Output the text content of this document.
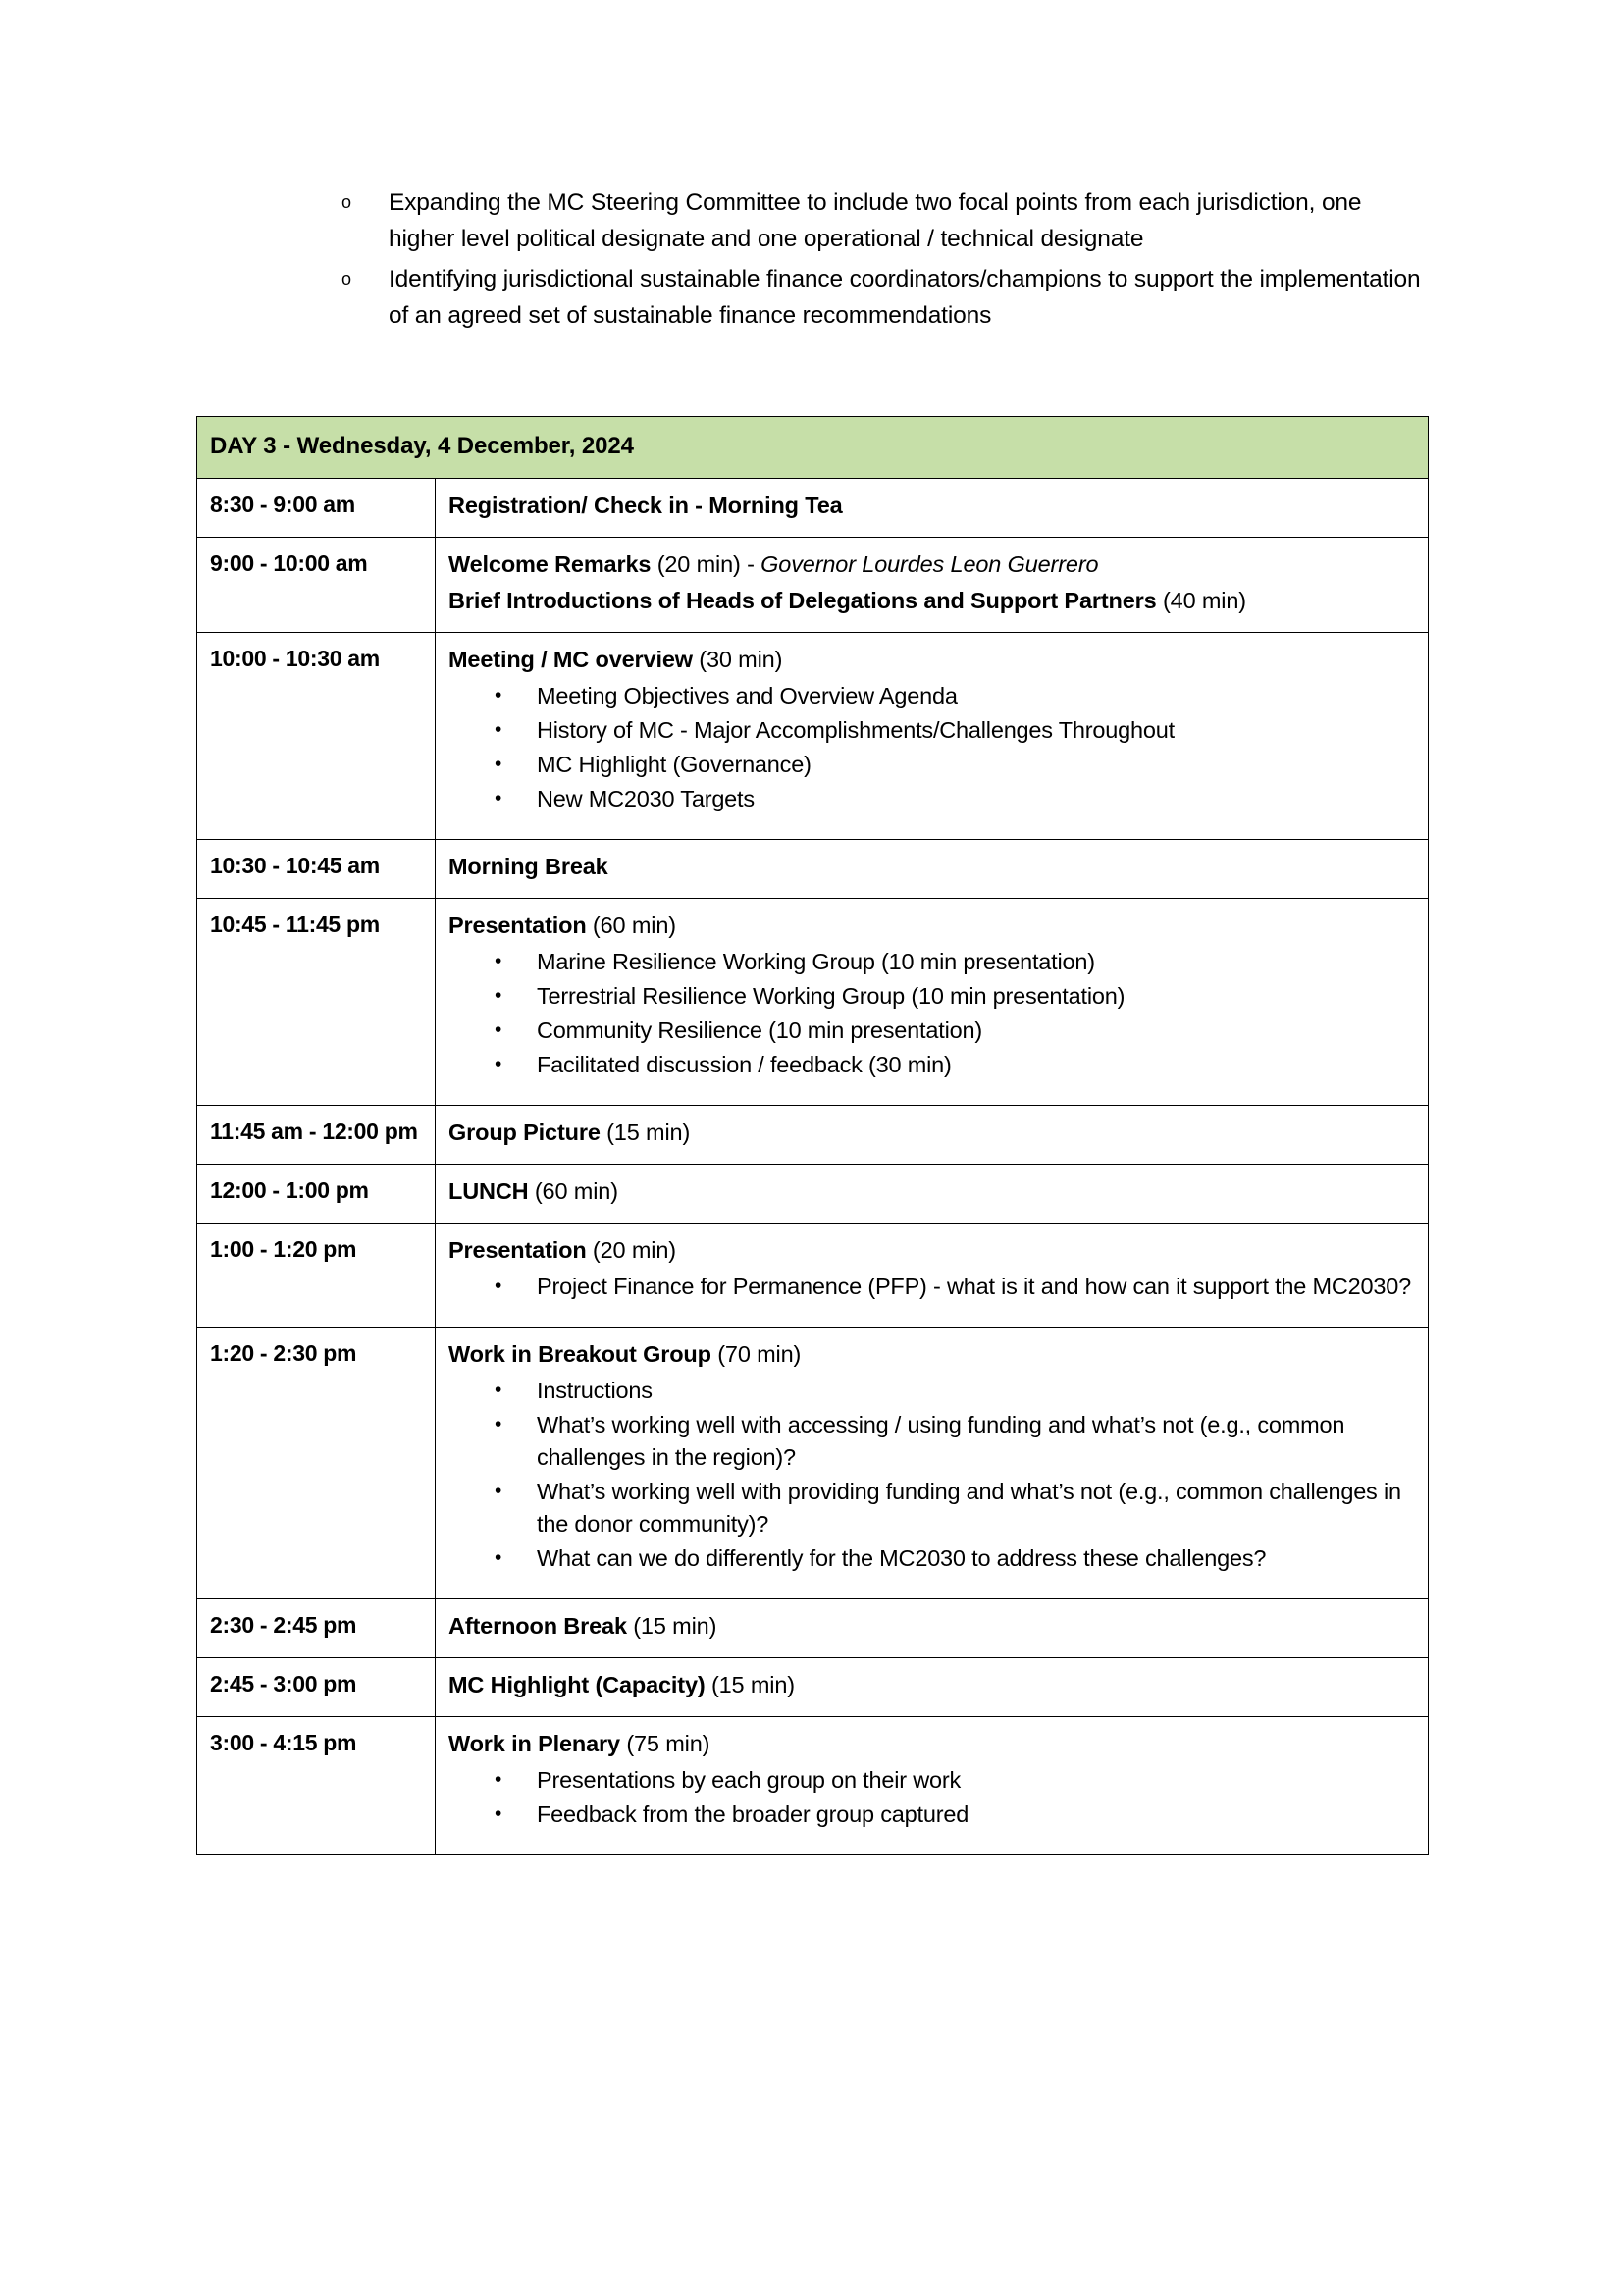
o	Expanding the MC Steering Committee to include two focal points from each jurisdiction, one higher level political designate and one operational / technical designate
o	Identifying jurisdictional sustainable finance coordinators/champions to support the implementation of an agreed set of sustainable finance recommendations
DAY 3 - Wednesday, 4 December, 2024	

8:30 - 9:00 am	Registration/ Check in - Morning Tea

9:00 - 10:00 am	Welcome Remarks (20 min) - Governor Lourdes Leon Guerrero
Brief Introductions of Heads of Delegations and Support Partners (40 min)

10:00 - 10:30 am	Meeting / MC overview (30 min)
• Meeting Objectives and Overview Agenda
• History of MC - Major Accomplishments/Challenges Throughout
• MC Highlight (Governance)
• New MC2030 Targets

10:30 - 10:45 am	Morning Break

10:45 - 11:45 pm	Presentation (60 min)
• Marine Resilience Working Group (10 min presentation)
• Terrestrial Resilience Working Group (10 min presentation)
• Community Resilience (10 min presentation)
• Facilitated discussion / feedback (30 min)

11:45 am - 12:00 pm	Group Picture (15 min)

12:00 - 1:00 pm	LUNCH (60 min)

1:00 - 1:20 pm	Presentation (20 min)
• Project Finance for Permanence (PFP) - what is it and how can it support the MC2030?

1:20 - 2:30 pm	Work in Breakout Group (70 min)
• Instructions
• What’s working well with accessing / using funding and what’s not (e.g., common challenges in the region)?
• What’s working well with providing funding and what’s not (e.g., common challenges in the donor community)?
• What can we do differently for the MC2030 to address these challenges?

2:30 - 2:45 pm	Afternoon Break (15 min)

2:45 - 3:00 pm	MC Highlight (Capacity) (15 min)

3:00 - 4:15 pm	Work in Plenary (75 min)
• Presentations by each group on their work
• Feedback from the broader group captured
